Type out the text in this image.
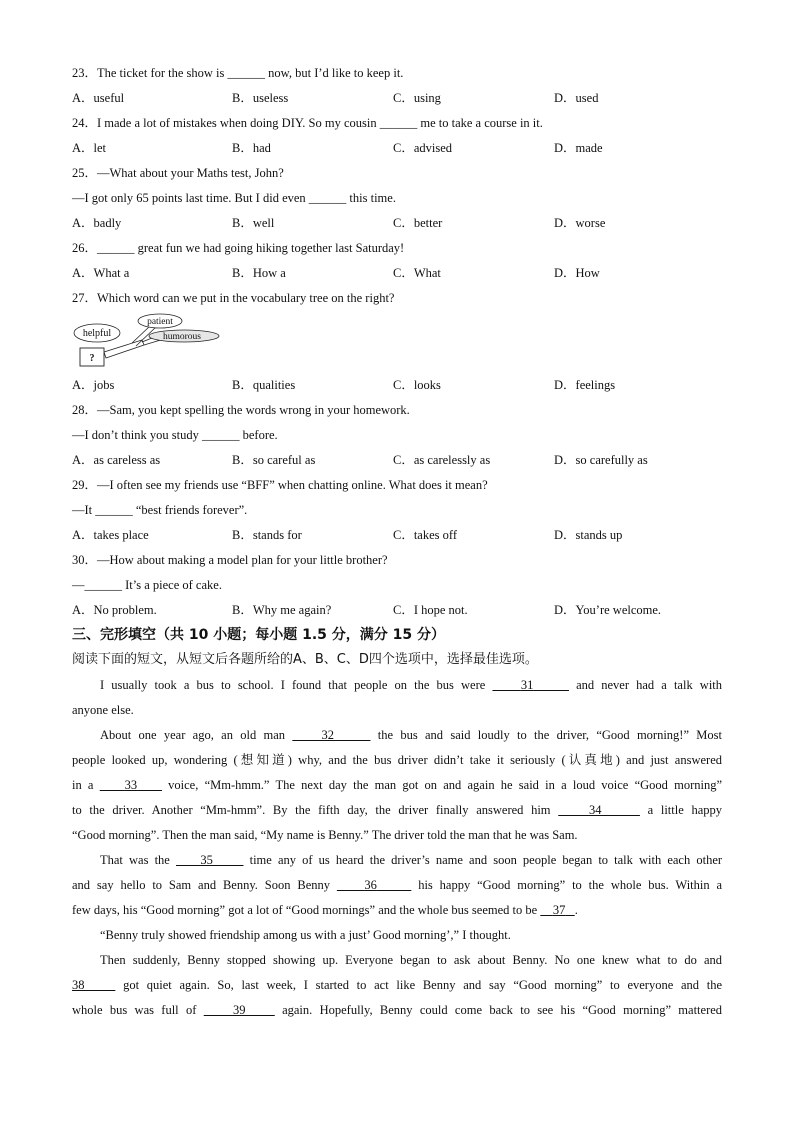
23．The ticket for the show is ______ now, but I’d like to keep it.
A．useful	B．useless	C．using	D．used
24．I made a lot of mistakes when doing DIY. So my cousin ______ me to take a course in it.
A．let	B．had	C．advised	D．made
25．—What about your Maths test, John?
—I got only 65 points last time. But I did even ______ this time.
A．badly	B．well	C．better	D．worse
26．______ great fun we had going hiking together last Saturday!
A．What a	B．How a	C．What	D．How
27．Which word can we put in the vocabulary tree on the right?
helpful
patient
humorous
?
A．jobs	B．qualities	C．looks	D．feelings
28．—Sam, you kept spelling the words wrong in your homework.
—I don’t think you study ______ before.
A．as careless as	B．so careful as	C．as carelessly as	D．so carefully as
29．—I often see my friends use “BFF” when chatting online. What does it mean?
—It ______ “best friends forever”.
A．takes place	B．stands for	C．takes off	D．stands up
30．—How about making a model plan for your little brother?
—______ It’s a piece of cake.
A．No problem.	B．Why me again?	C．I hope not.	D．You’re welcome.
三、完形填空（共 10 小题；每小题 1.5 分，满分 15 分）
阅读下面的短文，从短文后各题所给的A、B、C、D四个选项中，选择最佳选项。
I usually took a bus to school. I found that people on the bus were	31	and never had a talk with
anyone else.
About one year ago, an old man	32	the bus and said loudly to the driver, “Good morning!” Most
people looked up, wondering (想知道) why, and the bus driver didn’t take it seriously (认真地) and just answered
in a 33 voice, “Mm-hmm.” The next day the man got on and again he said in a loud voice “Good morning”
to the driver. Another “Mm-hmm”. By the fifth day, the driver finally answered him	34	a little happy
“Good morning”. Then the man said, “My name is Benny.” The driver told the man that he was Sam.
That was the 35	time any of us heard the driver’s name and soon people began to talk with each other
and say hello to Sam and Benny. Soon Benny	36	his happy “Good morning” to the whole bus. Within a
few days, his “Good morning” got a lot of “Good mornings” and the whole bus seemed to be 37 .
“Benny truly showed friendship among us with a just’ Good morning’,” I thought.
Then suddenly, Benny stopped showing up. Everyone began to ask about Benny. No one knew what to do and
38	got quiet again. So, last week, I started to act like Benny and say “Good morning” to everyone and the
whole bus was full of	39	again. Hopefully, Benny could come back to see his “Good morning” mattered
